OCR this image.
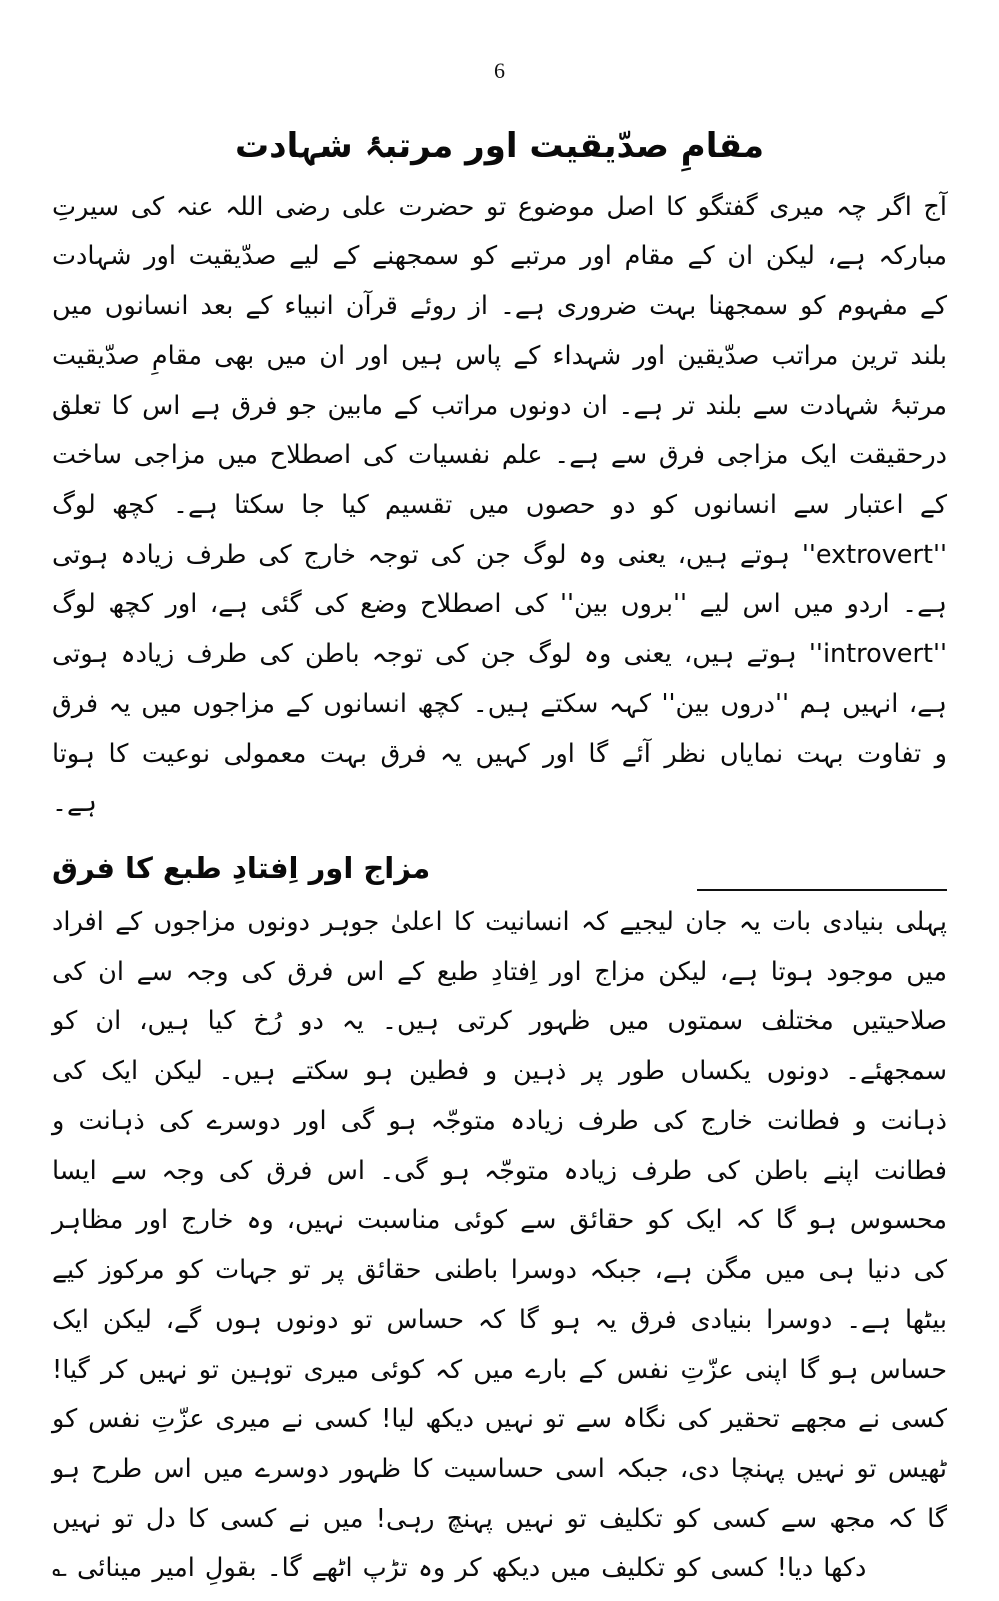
6
مقامِ صدّیقیت اور مرتبۂ شہادت

آج اگر چہ میری گفتگو کا اصل موضوع تو حضرت علی رضی اللہ عنہ کی سیرتِ مبارکہ ہے، لیکن ان کے مقام اور مرتبے کو سمجھنے کے لیے صدّیقیت اور شہادت کے مفہوم کو سمجھنا بہت ضروری ہے۔ از روئے قرآن انبیاء کے بعد انسانوں میں بلند ترین مراتب صدّیقین اور شہداء کے پاس ہیں اور ان میں بھی مقامِ صدّیقیت مرتبۂ شہادت سے بلند تر ہے۔ ان دونوں مراتب کے مابین جو فرق ہے اس کا تعلق درحقیقت ایک مزاجی فرق سے ہے۔ علم نفسیات کی اصطلاح میں مزاجی ساخت کے اعتبار سے انسانوں کو دو حصوں میں تقسیم کیا جا سکتا ہے۔ کچھ لوگ ''extrovert'' ہوتے ہیں، یعنی وہ لوگ جن کی توجہ خارج کی طرف زیادہ ہوتی ہے۔ اردو میں اس لیے ''بروں بین'' کی اصطلاح وضع کی گئی ہے، اور کچھ لوگ ''introvert'' ہوتے ہیں، یعنی وہ لوگ جن کی توجہ باطن کی طرف زیادہ ہوتی ہے، انہیں ہم ''دروں بین'' کہہ سکتے ہیں۔ کچھ انسانوں کے مزاجوں میں یہ فرق و تفاوت بہت نمایاں نظر آئے گا اور کہیں یہ فرق بہت معمولی نوعیت کا ہوتا ہے۔

مزاج اور اِفتادِ طبع کا فرق

پہلی بنیادی بات یہ جان لیجیے کہ انسانیت کا اعلیٰ جوہر دونوں مزاجوں کے افراد میں موجود ہوتا ہے، لیکن مزاج اور اِفتادِ طبع کے اس فرق کی وجہ سے ان کی صلاحیتیں مختلف سمتوں میں ظہور کرتی ہیں۔ یہ دو رُخ کیا ہیں، ان کو سمجھئے۔ دونوں یکساں طور پر ذہین و فطین ہو سکتے ہیں۔ لیکن ایک کی ذہانت و فطانت خارج کی طرف زیادہ متوجّہ ہو گی اور دوسرے کی ذہانت و فطانت اپنے باطن کی طرف زیادہ متوجّہ ہو گی۔ اس فرق کی وجہ سے ایسا محسوس ہو گا کہ ایک کو حقائق سے کوئی مناسبت نہیں، وہ خارج اور مظاہر کی دنیا ہی میں مگن ہے، جبکہ دوسرا باطنی حقائق پر تو جہات کو مرکوز کیے بیٹھا ہے۔ دوسرا بنیادی فرق یہ ہو گا کہ حساس تو دونوں ہوں گے، لیکن ایک حساس ہو گا اپنی عزّتِ نفس کے بارے میں کہ کوئی میری توہین تو نہیں کر گیا! کسی نے مجھے تحقیر کی نگاہ سے تو نہیں دیکھ لیا! کسی نے میری عزّتِ نفس کو ٹھیس تو نہیں پہنچا دی، جبکہ اسی حساسیت کا ظہور دوسرے میں اس طرح ہو گا کہ مجھ سے کسی کو تکلیف تو نہیں پہنچ رہی! میں نے کسی کا دل تو نہیں دکھا دیا! کسی کو تکلیف میں دیکھ کر وہ تڑپ اٹھے گا۔ بقولِ امیر مینائی ؎
